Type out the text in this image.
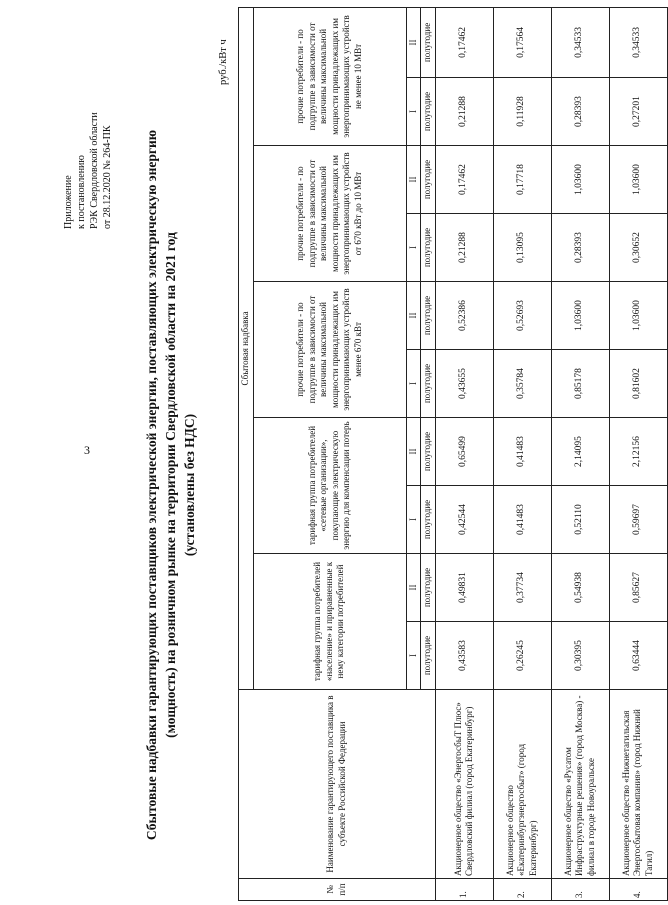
3
Приложение к постановлению РЭК Свердловской области от 28.12.2020 № 264-ПК Сбытовые надбавки гарантирующих поставщиков электрической энергии, поставляющих электрическую энергию (мощность) на розничном рынке на территории Свердловской области на 2021 год (установлены без НДС)
руб./кВт ч
№ п/п	Наименование гарантирующего поставщика в субъекте Российской Федерации	Сбытовая надбавка									
		тарифная группа потребителей «население» и приравненные к нему категории потребителей		тарифная группа потребителей «сетевые организации», покупающие электрическую энергию для компенсации потерь		прочие потребители - по подгруппе в зависимости от величины максимальной мощности принадлежащих им энергопринимающих устройств менее 670 кВт		прочие потребители - по подгруппе в зависимости от величины максимальной мощности принадлежащих им энергопринимающих устройств от 670 кВт до 10 МВт		прочие потребители - по подгруппе в зависимости от величины максимальной мощности принадлежащих им энергопринимающих устройств не менее 10 МВт	
		I	II	I	II	I	II	I	II	I	II
		полугодие	полугодие	полугодие	полугодие	полугодие	полугодие	полугодие	полугодие	полугодие	полугодие
1.	Акционерное общество «ЭнергосбыТ Плюс» Свердловский филиал (город Екатеринбург)	0,43583	0,49831	0,42544	0,65499	0,43655	0,52386	0,21288	0,17462	0,21288	0,17462
2.	Акционерное общество «Екатеринбургэнергосбыт» (город Екатеринбург)	0,26245	0,37734	0,41483	0,41483	0,35784	0,52693	0,13095	0,17718	0,11928	0,17564
3.	Акционерное общество «Русатом Инфраструктурные решения» (город Москва) - филиал в городе Новоуральске	0,30395	0,54938	0,52110	2,14095	0,85178	1,03600	0,28393	1,03600	0,28393	0,34533
4.	Акционерное общество «Нижнетагильская Энергосбытовая компания» (город Нижний Тагил)	0,63444	0,85627	0,59697	2,12156	0,81602	1,03600	0,30652	1,03600	0,27201	0,34533
